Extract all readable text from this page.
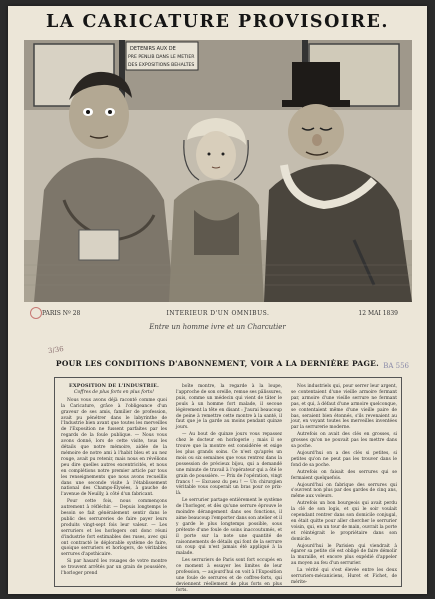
LA CARICATURE PROVISOIRE.
DETENIRS AUX DE
PRE PENLIB DANS LE METIER
DES EXPOSITIONS BEHALTES
PARIS Nº 28	INTERIEUR D'UN OMNIBUS.	12 MAI 1839
Entre un homme ivre et un Charcutier
3/36
BA 556
POUR LES CONDITIONS D'ABONNEMENT, VOIR A LA DERNIÈRE PAGE.
EXPOSITION DE L'INDUSTRIE.
Coffres de plus forts en plus forts!

Nous vous avons déjà raconté comme quoi la Caricature, grâce à l'obligeance d'un graveur de ses amis, familier de profession, avait pu pénétrer dans le labyrinthe de l'Industrie bien avant que toutes les merveilles de l'Exposition ne fussent parfaites par les regards de la foule publique. — Nous vous avons donné, lors de cette visite, tous les détails que notre mémoire, aidée de la mémoire de notre ami à l'habit bleu et au nez rouge, avait pu retenir, mais nous en révélions peu dire quelles autres excentricités, et nous en complétions notre premier article par tous les renseignements que nous avons recueillis dans une seconde visite à l'établissement national des Champs-Élysées, à gauche de l'avenue de Neuilly, à côté d'un fabricant.

Pour cette fois, nous commençons autrement à réfléchir. — Depuis longtemps le besoin se fait généralement sentir dans le public des serrureries de faire payer leurs produits vingt-sept fois leur valeur. — Les serruriers et les horlogers ont donc réuni d'industrie fort estimables des ruses, avec qui ont contracté le déplorable système de faire, quoique serruriers et horlogers, de véritables serrures d'apothicaire.

Si par hasard les rouages de votre montre se trouvent arrêtés par un grain de poussière, l'horloger prend

boîte montre, la regarde à la loupe, l'approche de son oreille, remue ses pâlissures, puis, comme un médecin qui vient de tâter le pouls à un homme fort malade, il secoue légèrement la tête en disant : J'aurai beaucoup de peine à remettre cette montre à la santé, il faut que je la garde au moins pendant quinze jours.

— Au bout de quinze jours vous repassez chez le docteur en horlogerie ; mais il se trouve que la montre est considérée et exige les plus grands soins. Ce n'est qu'après un mois ou six semaines que vous rentrez dans la possession de précieux bijou, qui a demandé une minute de travail à l'opérateur qui a ôté le grain de poussière. — Prix de l'opération, vingt francs ! — Excusez du peu ! — Un chirurgien véritable vous couperait un bras pour ce prix-là.

Le serrurier partage entièrement le système de l'horloger, et dès qu'une serrure éprouve le moindre dérangement dans ses fonctions, il aime beaucoup l'emporter dans son atelier et il y garde le plus longtemps possible, sous prétexte d'une foule de soins inaccoutumés, et il porte sur la note une quantité de raisonnements de détails qui font de la serrure un coup qui n'est jamais été appliqué à la malade.

Les serruriers de Paris sont fort occupés en ce moment à essayer les limites de leur profession, — aujourd'hui on voit à l'Exposition une foule de serrures et de coffres-forts, qui deviennent réellement de plus forts en plus forts.

Nos industriels qui, pour serrer leur argent, se contentaient d'une vieille armoire fermant par, armoire d'une vieille serrure ne fermant pas, et qui, à défaut d'une armoire quelconque, se contentaient même d'une vieille paire de bas, seraient bien étonnés, s'ils revenaient au jour, en voyant toutes les merveilles inventées par la serrurerie moderne.

Autrefois on avait des clés en grosses, si grosses qu'on ne pouvait pas les mettre dans sa poche.

Aujourd'hui on a des clés si petites, si petites qu'on ne peut pas les trouver dans le fond de sa poche.

Autrefois on faisait des serrures qui se fermaient quelquefois.

Aujourd'hui on fabrique des serrures qui s'ouvrent non plus par des gardes de cinq ans, même aux voleurs.

Autrefois un bon bourgeois qui avait perdu la clé de son logis, et qui le soir voulait cependant rentrer dans son domicile conjugal, en était quitte pour aller chercher le serrurier voisin, qui, en un tour de main, ouvrait la porte et réintégrait le propriétaire dans son domicile.

Aujourd'hui le Parisien qui viendrait à égarer sa petite clé est obligé de faire démolir la muraille, et encore plus expédié d'appeler au moyen au feu d'un serrurier.

La vérité qui s'est élevée entre les deux serruriers-mécaniciens, Huret et Fichet, de mérite-
